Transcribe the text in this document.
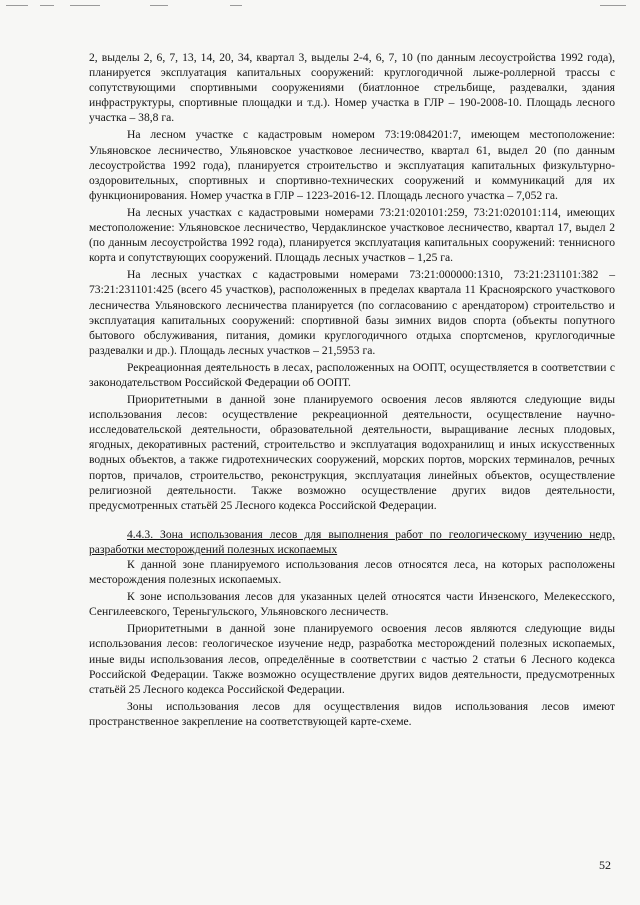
2, выделы 2, 6, 7, 13, 14, 20, 34, квартал 3, выделы 2-4, 6, 7, 10 (по данным лесоустройства 1992 года), планируется эксплуатация капитальных сооружений: круглогодичной лыже-роллерной трассы с сопутствующими спортивными сооружениями (биатлонное стрельбище, раздевалки, здания инфраструктуры, спортивные площадки и т.д.). Номер участка в ГЛР – 190-2008-10. Площадь лесного участка – 38,8 га.

На лесном участке с кадастровым номером 73:19:084201:7, имеющем местоположение: Ульяновское лесничество, Ульяновское участковое лесничество, квартал 61, выдел 20 (по данным лесоустройства 1992 года), планируется строительство и эксплуатация капитальных физкультурно-оздоровительных, спортивных и спортивно-технических сооружений и коммуникаций для их функционирования. Номер участка в ГЛР – 1223-2016-12. Площадь лесного участка – 7,052 га.

На лесных участках с кадастровыми номерами 73:21:020101:259, 73:21:020101:114, имеющих местоположение: Ульяновское лесничество, Чердаклинское участковое лесничество, квартал 17, выдел 2 (по данным лесоустройства 1992 года), планируется эксплуатация капитальных сооружений: теннисного корта и сопутствующих сооружений. Площадь лесных участков – 1,25 га.

На лесных участках с кадастровыми номерами 73:21:000000:1310, 73:21:231101:382 – 73:21:231101:425 (всего 45 участков), расположенных в пределах квартала 11 Красноярского участкового лесничества Ульяновского лесничества планируется (по согласованию с арендатором) строительство и эксплуатация капитальных сооружений: спортивной базы зимних видов спорта (объекты попутного бытового обслуживания, питания, домики круглогодичного отдыха спортсменов, круглогодичные раздевалки и др.). Площадь лесных участков – 21,5953 га.

Рекреационная деятельность в лесах, расположенных на ООПТ, осуществляется в соответствии с законодательством Российской Федерации об ООПТ.

Приоритетными в данной зоне планируемого освоения лесов являются следующие виды использования лесов: осуществление рекреационной деятельности, осуществление научно-исследовательской деятельности, образовательной деятельности, выращивание лесных плодовых, ягодных, декоративных растений, строительство и эксплуатация водохранилищ и иных искусственных водных объектов, а также гидротехнических сооружений, морских портов, морских терминалов, речных портов, причалов, строительство, реконструкция, эксплуатация линейных объектов, осуществление религиозной деятельности. Также возможно осуществление других видов деятельности, предусмотренных статьёй 25 Лесного кодекса Российской Федерации.

4.4.3. Зона использования лесов для выполнения работ по геологическому изучению недр, разработки месторождений полезных ископаемых

К данной зоне планируемого использования лесов относятся леса, на которых расположены месторождения полезных ископаемых.

К зоне использования лесов для указанных целей относятся части Инзенского, Мелекесского, Сенгилеевского, Тереньгульского, Ульяновского лесничеств.

Приоритетными в данной зоне планируемого освоения лесов являются следующие виды использования лесов: геологическое изучение недр, разработка месторождений полезных ископаемых, иные виды использования лесов, определённые в соответствии с частью 2 статьи 6 Лесного кодекса Российской Федерации. Также возможно осуществление других видов деятельности, предусмотренных статьёй 25 Лесного кодекса Российской Федерации.

Зоны использования лесов для осуществления видов использования лесов имеют пространственное закрепление на соответствующей карте-схеме.

52
